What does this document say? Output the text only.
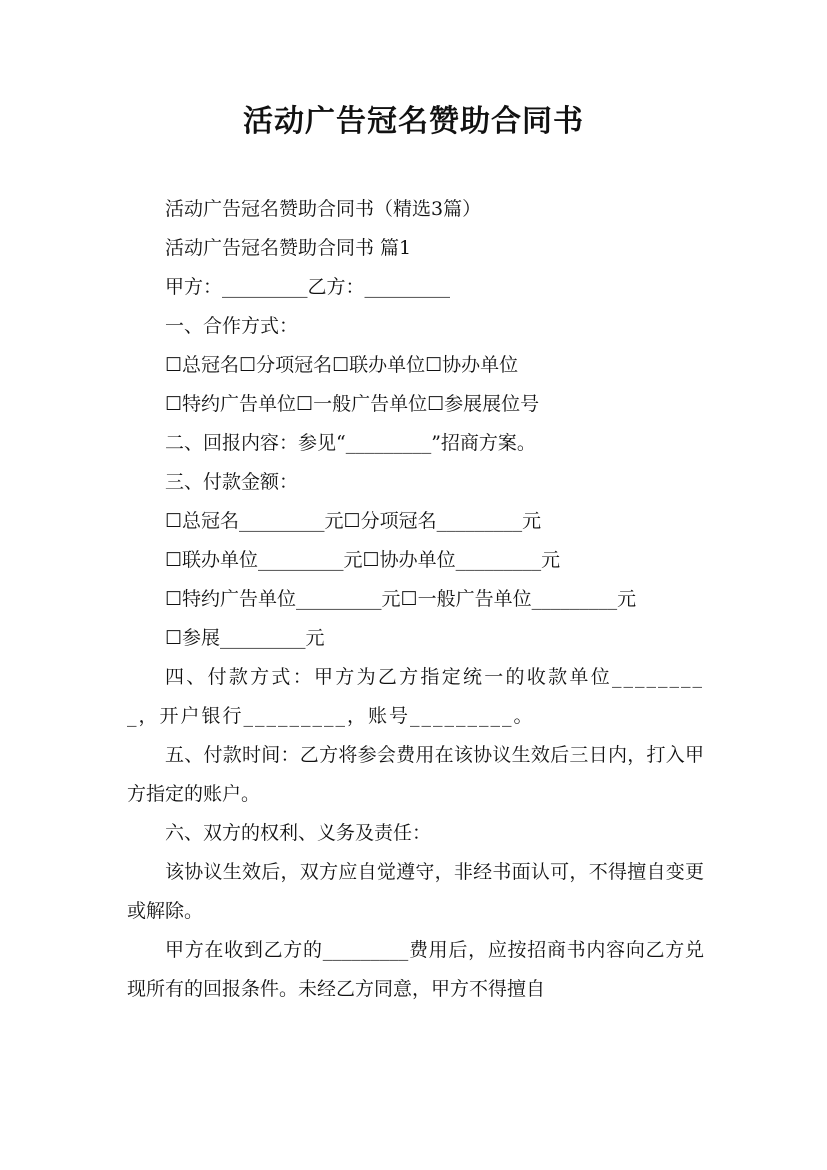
活动广告冠名赞助合同书

活动广告冠名赞助合同书（精选3篇）

活动广告冠名赞助合同书 篇1

甲方：_________乙方：_________

一、合作方式：

☐总冠名☐分项冠名☐联办单位☐协办单位

☐特约广告单位☐一般广告单位☐参展展位号

二、回报内容：参见“_________”招商方案。

三、付款金额：

☐总冠名_________元☐分项冠名_________元

☐联办单位_________元☐协办单位_________元

☐特约广告单位_________元☐一般广告单位_________元

☐参展_________元

四、付款方式：甲方为乙方指定统一的收款单位_________，开户银行_________，账号_________。

五、付款时间：乙方将参会费用在该协议生效后三日内，打入甲方指定的账户。

六、双方的权利、义务及责任：

该协议生效后，双方应自觉遵守，非经书面认可，不得擅自变更或解除。

甲方在收到乙方的_________费用后，应按招商书内容向乙方兑现所有的回报条件。未经乙方同意，甲方不得擅自
